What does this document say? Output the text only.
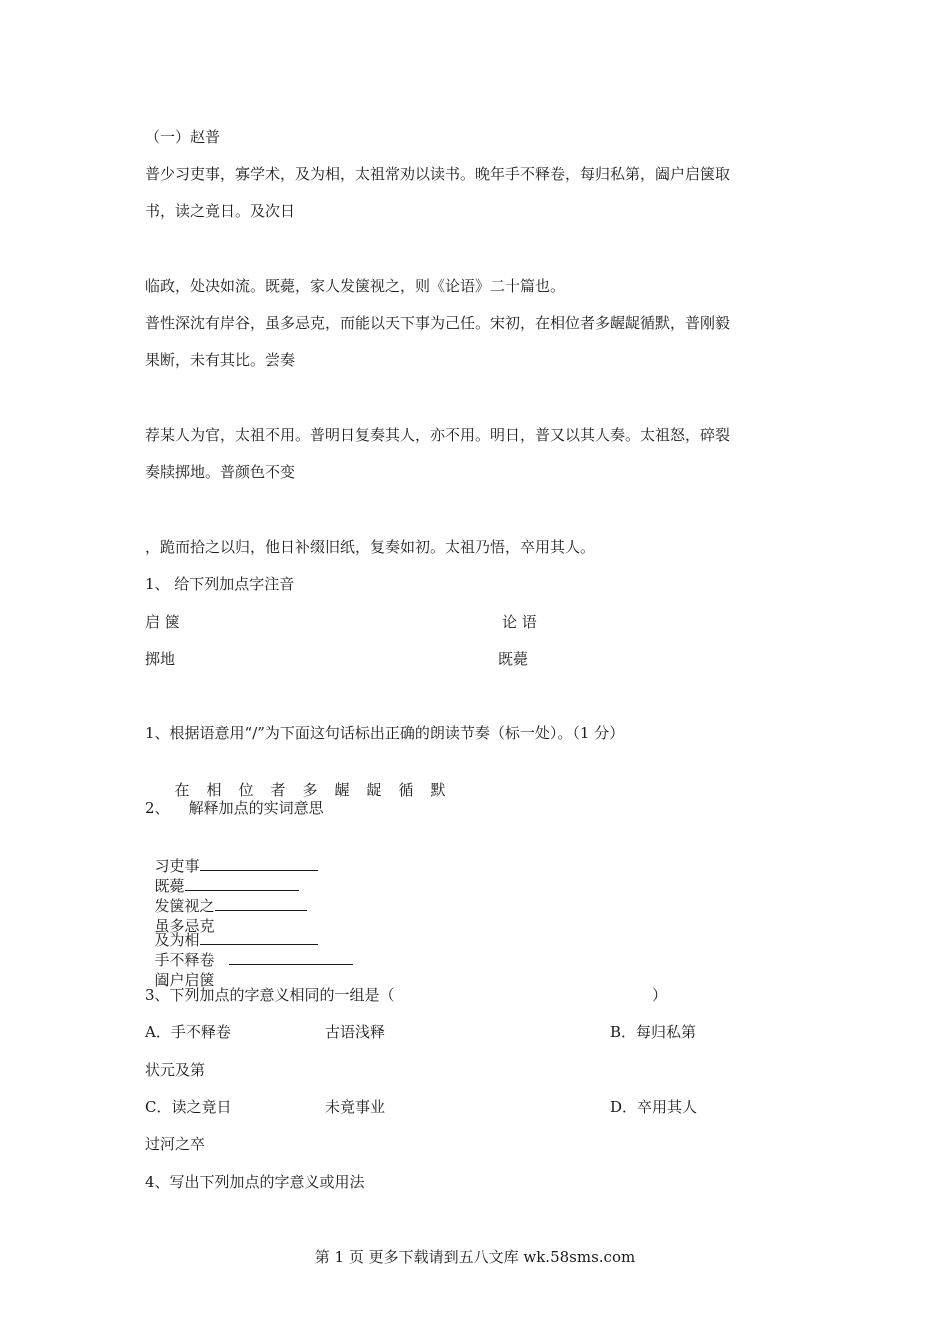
（一）赵普
普少习吏事，寡学术，及为相，太祖常劝以读书。晚年手不释卷，每归私第，阖户启箧取
书，读之竟日。及次日
临政，处决如流。既薨，家人发箧视之，则《论语》二十篇也。
普性深沈有岸谷，虽多忌克，而能以天下事为己任。宋初，在相位者多龌龊循默，普刚毅
果断，未有其比。尝奏
荐某人为官，太祖不用。普明日复奏其人，亦不用。明日，普又以其人奏。太祖怒，碎裂
奏牍掷地。普颜色不变
，跪而拾之以归，他日补缀旧纸，复奏如初。太祖乃悟，卒用其人。
1、 给下列加点字注音
启 箧	论 语
掷地	既薨
1、根据语意用“/”为下面这句话标出正确的朗读节奏（标一处）。（1 分）

在 相 位 者 多 龌 龊 循 默

2、    解释加点的实词意思

习吏事
既薨
发箧视之
虽多忌克

及为相
手不释卷
阖户启箧

3、下列加点的字意义相同的一组是（	）
A．手不释卷	古语浅释	B．每归私第
状元及第
C．读之竟日	未竟事业	D．卒用其人
过河之卒
4、写出下列加点的字意义或用法
第 1 页 更多下载请到五八文库 wk.58sms.com
